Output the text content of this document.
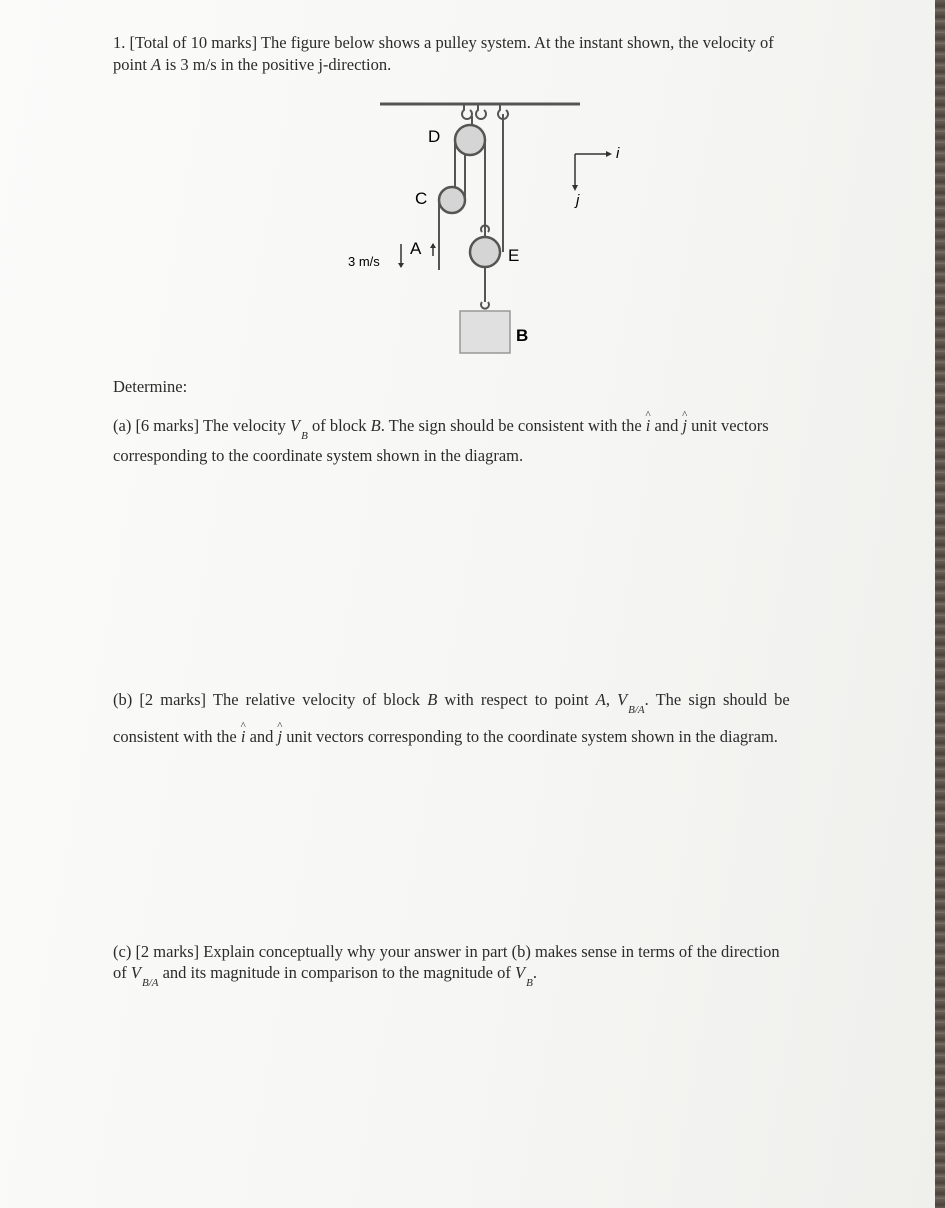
1. [Total of 10 marks] The figure below shows a pulley system. At the instant shown, the velocity of
point A is 3 m/s in the positive j-direction.
D
C
A	E
B
3 m/s
i
j
Determine:
(a) [6 marks] The velocity $V_B$ of block B. The sign should be consistent with the ^ i and ^ j unit vectors
corresponding to the coordinate system shown in the diagram.
(b) [2 marks] The relative velocity of block B with respect to point A, $V_{B/A}$. The sign should be
consistent with the ^ i and ^ j unit vectors corresponding to the coordinate system shown in the diagram.
(c) [2 marks] Explain conceptually why your answer in part (b) makes sense in terms of the direction
of $V_{B/A}$ and its magnitude in comparison to the magnitude of $V_B$.
